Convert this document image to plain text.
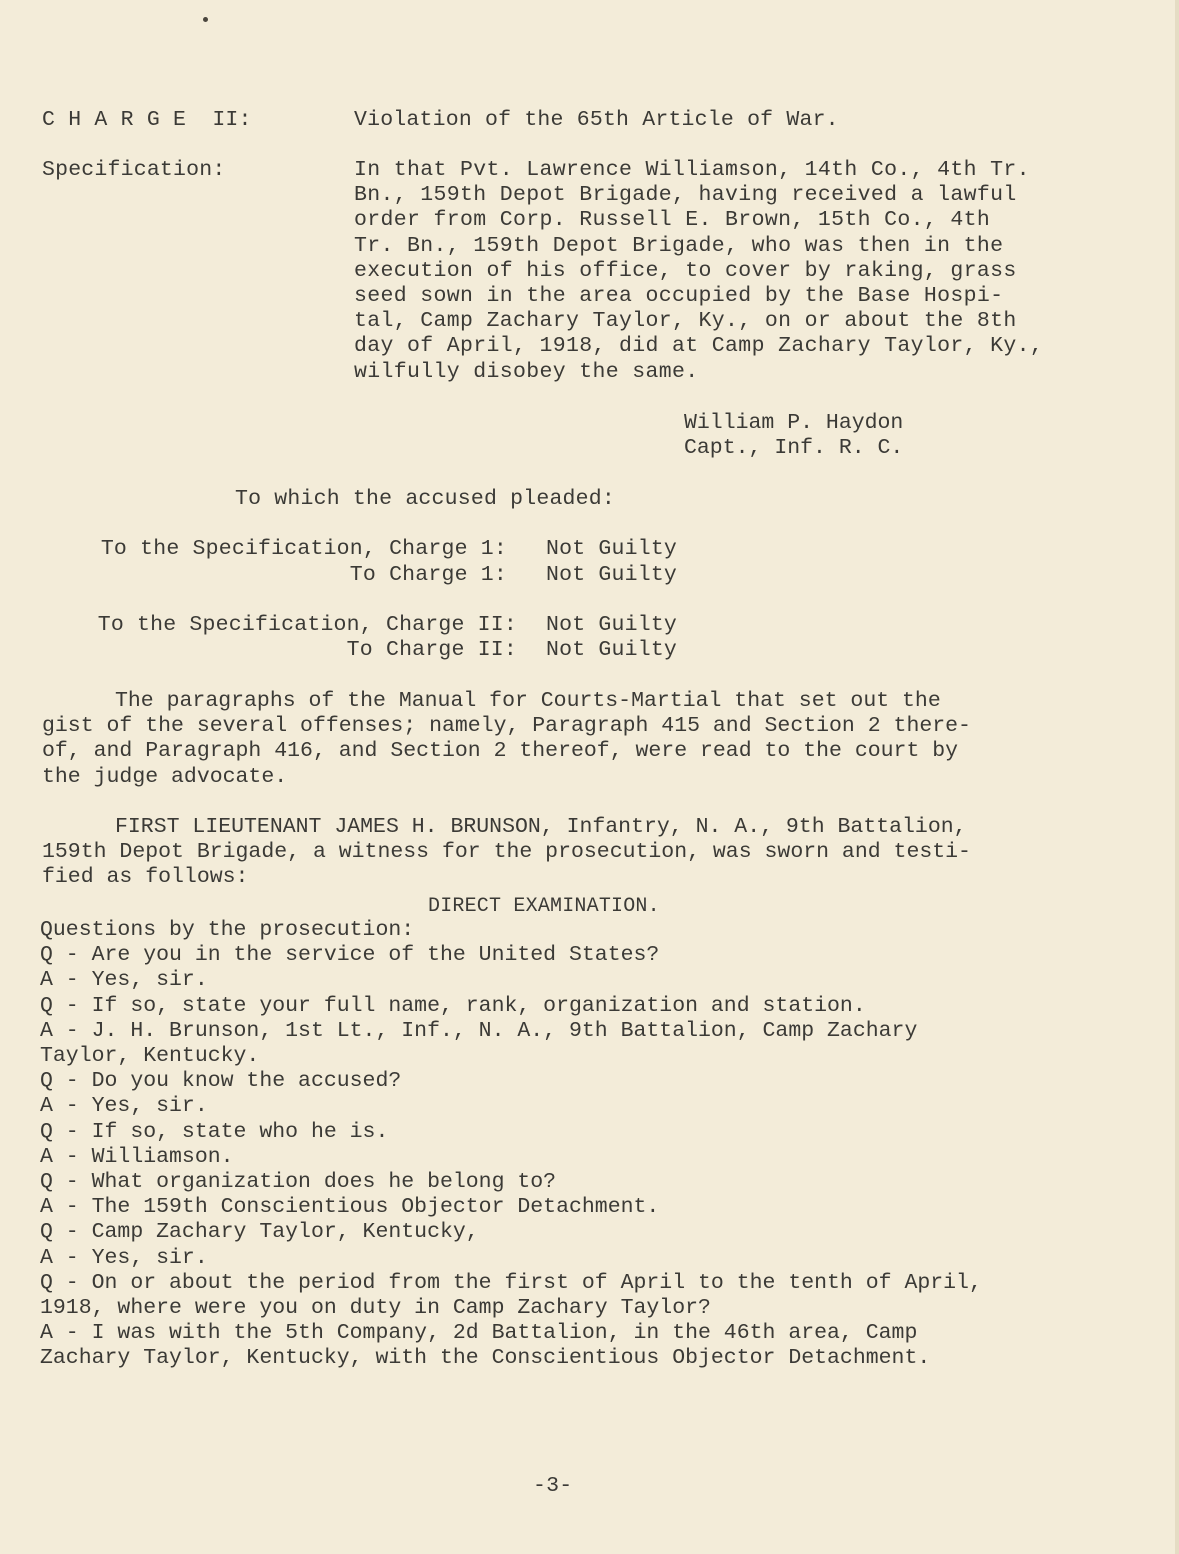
C H A R G E  II:	Violation of the 65th Article of War.
Specification:	In that Pvt. Lawrence Williamson, 14th Co., 4th Tr.
Bn., 159th Depot Brigade, having received a lawful
order from Corp. Russell E. Brown, 15th Co., 4th
Tr. Bn., 159th Depot Brigade, who was then in the
execution of his office, to cover by raking, grass
seed sown in the area occupied by the Base Hospi-
tal, Camp Zachary Taylor, Ky., on or about the 8th
day of April, 1918, did at Camp Zachary Taylor, Ky.,
wilfully disobey the same.
William P. Haydon
Capt., Inf. R. C.
To which the accused pleaded:
To the Specification, Charge 1: Not Guilty
To Charge 1: Not Guilty
To the Specification, Charge II: Not Guilty
To Charge II: Not Guilty
The paragraphs of the Manual for Courts-Martial that set out the
gist of the several offenses; namely, Paragraph 415 and Section 2 there-
of, and Paragraph 416, and Section 2 thereof, were read to the court by
the judge advocate.
FIRST LIEUTENANT JAMES H. BRUNSON, Infantry, N. A., 9th Battalion,
159th Depot Brigade, a witness for the prosecution, was sworn and testi-
fied as follows:
DIRECT EXAMINATION.
Questions by the prosecution:
Q - Are you in the service of the United States?
A - Yes, sir.
Q - If so, state your full name, rank, organization and station.
A - J. H. Brunson, 1st Lt., Inf., N. A., 9th Battalion, Camp Zachary
Taylor, Kentucky.
Q - Do you know the accused?
A - Yes, sir.
Q - If so, state who he is.
A - Williamson.
Q - What organization does he belong to?
A - The 159th Conscientious Objector Detachment.
Q - Camp Zachary Taylor, Kentucky,
A - Yes, sir.
Q - On or about the period from the first of April to the tenth of April,
1918, where were you on duty in Camp Zachary Taylor?
A - I was with the 5th Company, 2d Battalion, in the 46th area, Camp
Zachary Taylor, Kentucky, with the Conscientious Objector Detachment.
-3-
